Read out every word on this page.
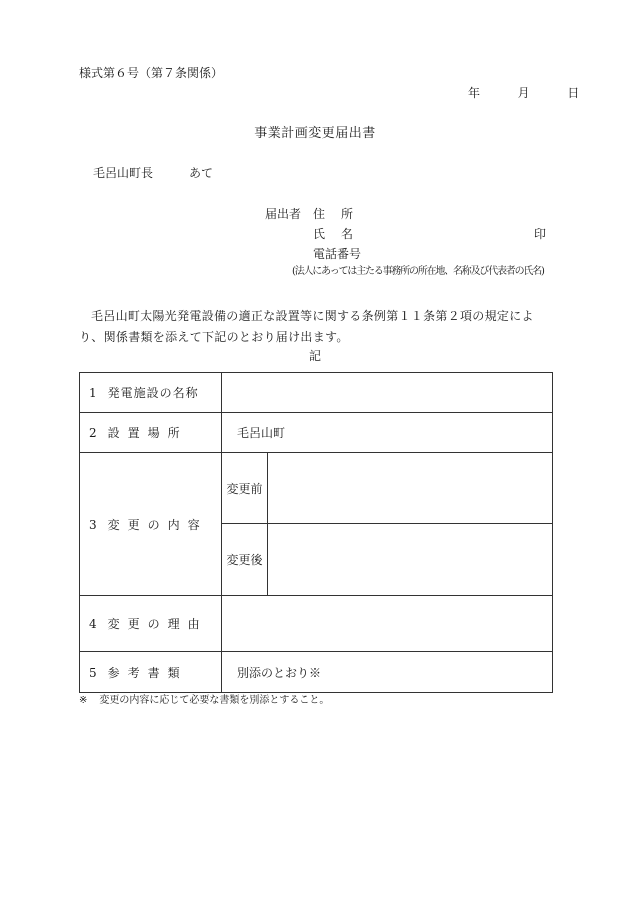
様式第６号（第７条関係）
年	月	日
事業計画変更届出書
毛呂山町長	あて
届出者 住所
氏名	印
電話番号
(法人にあっては主たる事務所の所在地、名称及び代表者の氏名)
毛呂山町太陽光発電設備の適正な設置等に関する条例第１１条第２項の規定により、関係書類を添えて下記のとおり届け出ます。
記
1 発電施設の名称		
2 設置場所	毛呂山町	
3 変更の内容	変更前	
	変更後	
4 変更の理由		
5 参考書類	別添のとおり※	
※ 変更の内容に応じて必要な書類を別添とすること。
